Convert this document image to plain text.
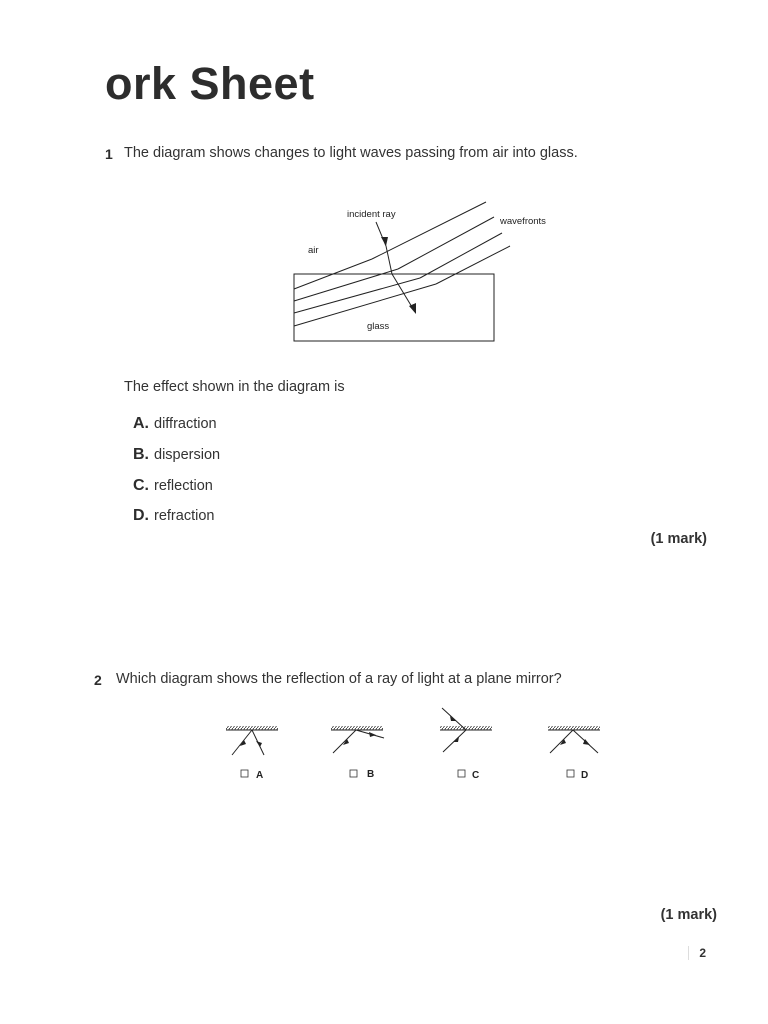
ork Sheet
1 The diagram shows changes to light waves passing from air into glass.
incident ray
wavefronts
air
glass
The effect shown in the diagram is
A. diffraction
B. dispersion
C. reflection
D. refraction
(1 mark)
2 Which diagram shows the reflection of a ray of light at a plane mirror?
A	B	C	D
(1 mark)
2
